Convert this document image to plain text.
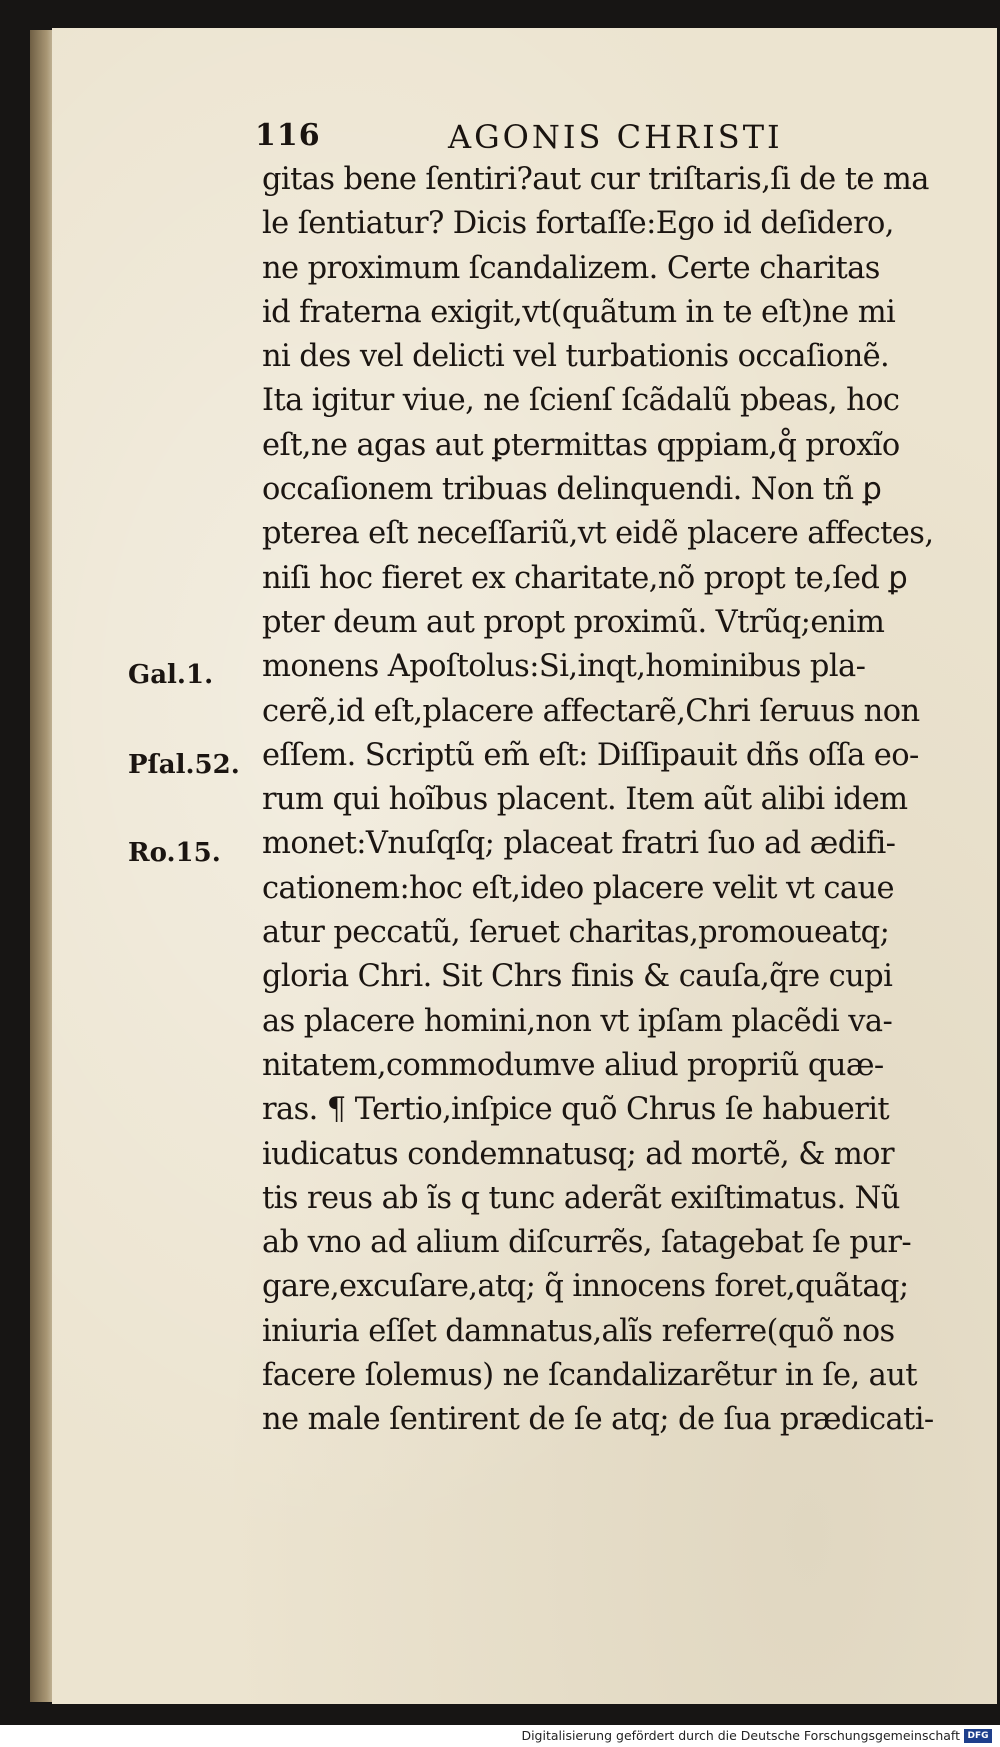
116	AGONIS CHRISTI
gitas bene ſentiri?aut cur triſtaris,ſi de te ma
le ſentiatur? Dicis fortaſſe:Ego id deſidero,
ne proximum ſcandalizem. Certe charitas
id fraterna exigit,vt(quãtum in te eſt)ne mi
ni des vel delicti vel turbationis occaſionẽ.
Ita igitur viue, ne ſcienſ ſcãdalũ pbeas, hoc
eſt,ne agas aut ꝑtermittas qppiam,q̊ proxĩo
occaſionem tribuas delinquendi. Non tñ ꝑ
pterea eſt neceſſariũ,vt eidẽ placere affectes,
niſi hoc fieret ex charitate,nõ propt te,ſed ꝑ
pter deum aut propt proximũ. Vtrũq;enim
monens Apoſtolus:Si,inqt,hominibus pla-
cerẽ,id eſt,placere affectarẽ,Chri ſeruus non
eſſem. Scriptũ em̃ eſt: Diſſipauit dñs oſſa eo-
rum qui hoĩbus placent. Item aũt alibi idem
monet:Vnuſqſq; placeat fratri ſuo ad ædifi-
cationem:hoc eſt,ideo placere velit vt caue
atur peccatũ, ſeruet charitas,promoueatq;
gloria Chri. Sit Chrs finis & cauſa,q̃re cupi
as placere homini,non vt ipſam placẽdi va-
nitatem,commodumve aliud propriũ quæ-
ras. ¶ Tertio,inſpice quõ Chrus ſe habuerit
iudicatus condemnatusq; ad mortẽ, & mor
tis reus ab ĩs q tunc aderãt exiſtimatus. Nũ
ab vno ad alium diſcurrẽs, ſatagebat ſe pur-
gare,excuſare,atq; q̃ innocens foret,quãtaq;
iniuria eſſet damnatus,alĩs referre(quõ nos
facere ſolemus) ne ſcandalizarẽtur in ſe, aut
ne male ſentirent de ſe atq; de ſua prædicati-
Gal.1.
Pſal.52.
Ro.15.
Digitalisierung gefördert durch die Deutsche Forschungsgemeinschaft DFG
